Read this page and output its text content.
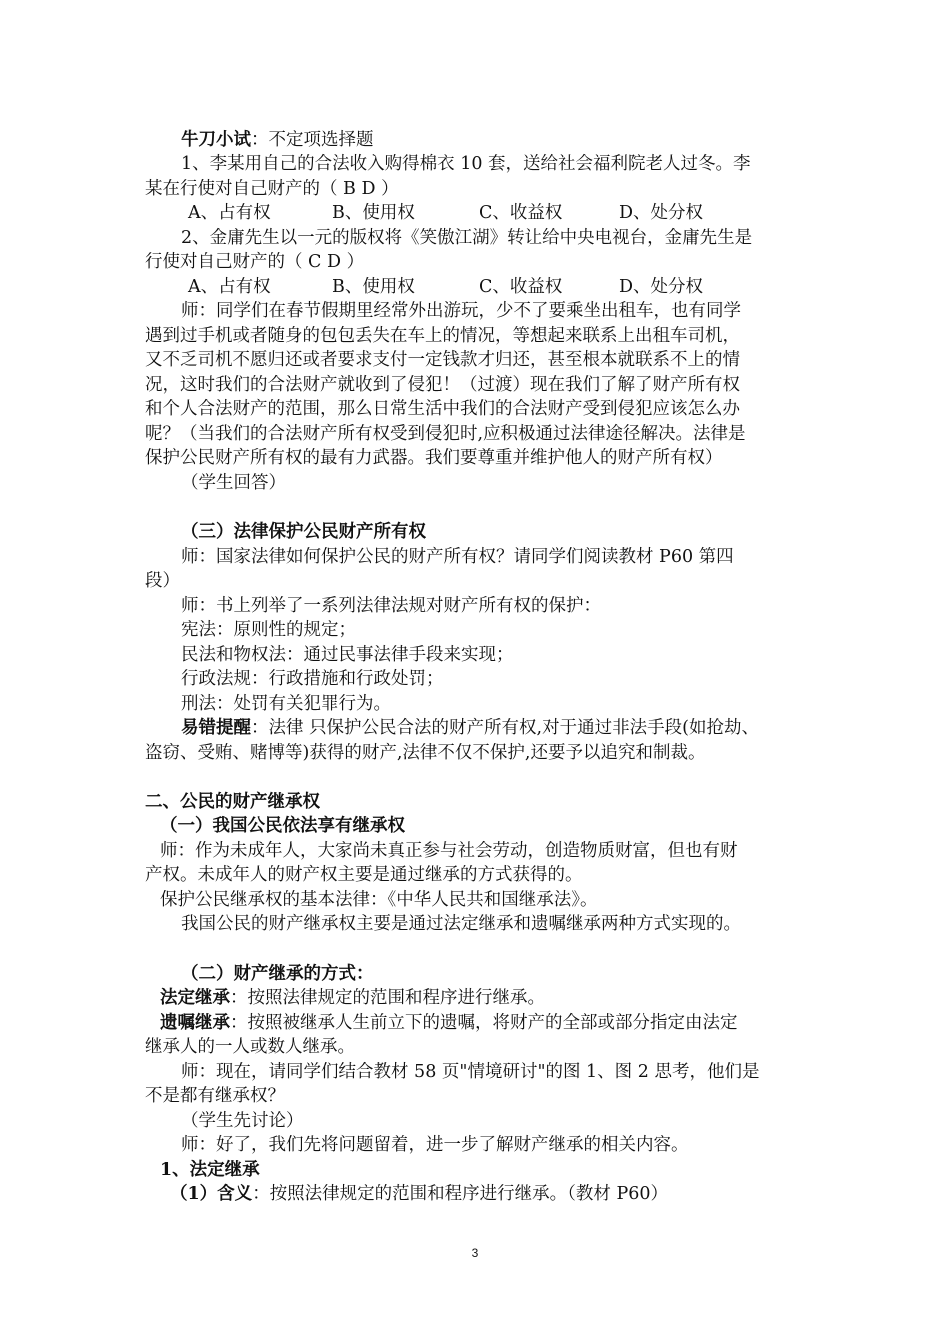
牛刀小试：不定项选择题
1、李某用自己的合法收入购得棉衣 10 套，送给社会福利院老人过冬。李
某在行使对自己财产的（ B D ）
A、占有权	B、使用权	C、收益权	D、处分权
2、金庸先生以一元的版权将《笑傲江湖》转让给中央电视台，金庸先生是
行使对自己财产的（ C D ）
A、占有权	B、使用权	C、收益权	D、处分权
师：同学们在春节假期里经常外出游玩，少不了要乘坐出租车，也有同学
遇到过手机或者随身的包包丢失在车上的情况，等想起来联系上出租车司机，
又不乏司机不愿归还或者要求支付一定钱款才归还，甚至根本就联系不上的情
况，这时我们的合法财产就收到了侵犯！（过渡）现在我们了解了财产所有权
和个人合法财产的范围，那么日常生活中我们的合法财产受到侵犯应该怎么办
呢？（当我们的合法财产所有权受到侵犯时,应积极通过法律途径解决。法律是
保护公民财产所有权的最有力武器。我们要尊重并维护他人的财产所有权）
（学生回答）
（三）法律保护公民财产所有权
师：国家法律如何保护公民的财产所有权？请同学们阅读教材 P60 第四
段）
师：书上列举了一系列法律法规对财产所有权的保护：
宪法：原则性的规定；
民法和物权法：通过民事法律手段来实现；
行政法规：行政措施和行政处罚；
刑法：处罚有关犯罪行为。
易错提醒：法律 只保护公民合法的财产所有权,对于通过非法手段(如抢劫、
盗窃、受贿、赌博等)获得的财产,法律不仅不保护,还要予以追究和制裁。
二、公民的财产继承权
（一）我国公民依法享有继承权
师：作为未成年人，大家尚未真正参与社会劳动，创造物质财富，但也有财
产权。未成年人的财产权主要是通过继承的方式获得的。
保护公民继承权的基本法律：《中华人民共和国继承法》。
我国公民的财产继承权主要是通过法定继承和遗嘱继承两种方式实现的。
（二）财产继承的方式：
法定继承：按照法律规定的范围和程序进行继承。
遗嘱继承：按照被继承人生前立下的遗嘱，将财产的全部或部分指定由法定
继承人的一人或数人继承。
师：现在，请同学们结合教材 58 页"情境研讨"的图 1、图 2 思考，他们是
不是都有继承权？
（学生先讨论）
师：好了，我们先将问题留着，进一步了解财产继承的相关内容。
1、法定继承
（1）含义：按照法律规定的范围和程序进行继承。（教材 P60）
3
